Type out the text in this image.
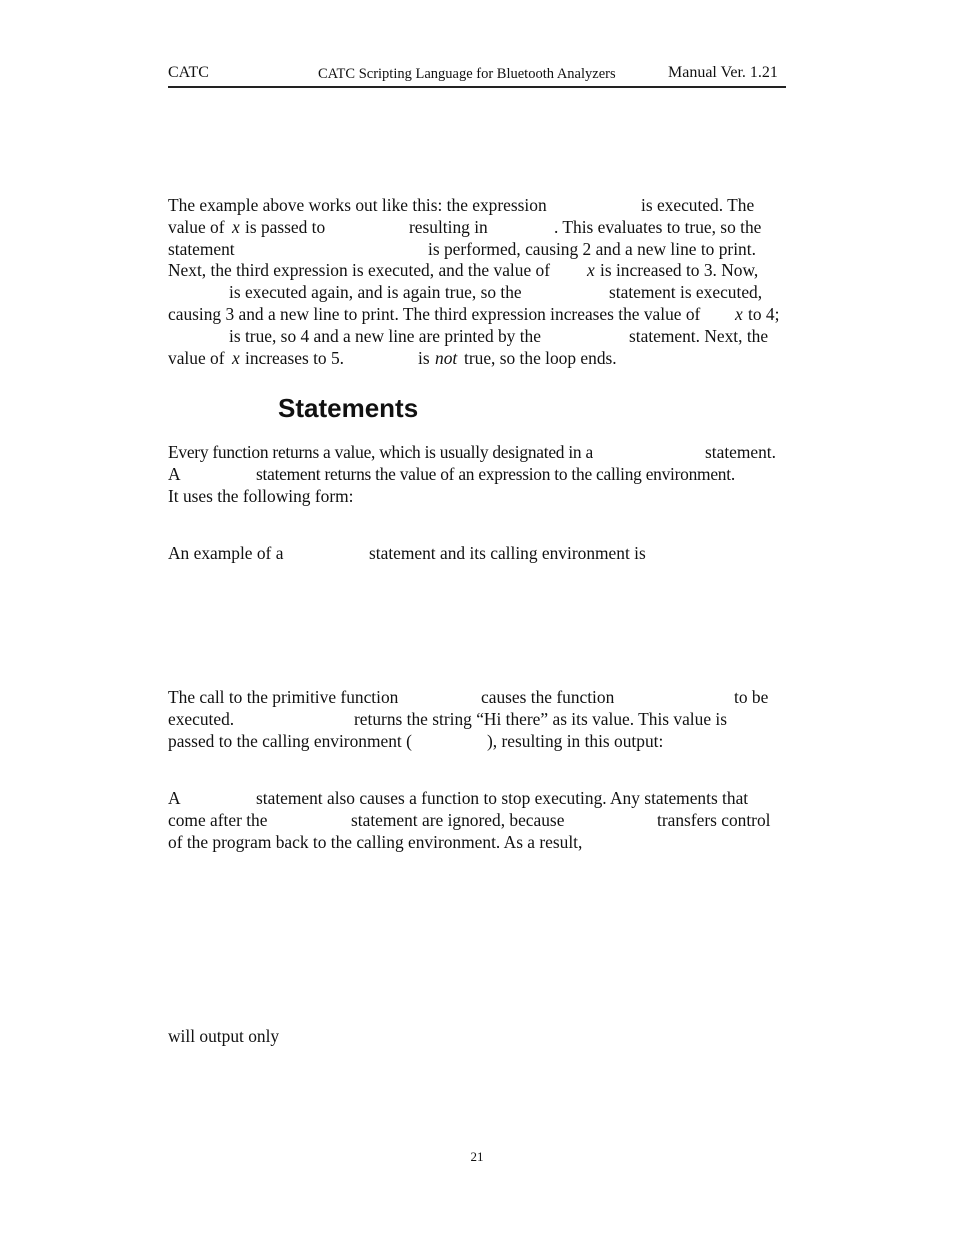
CATC	CATC Scripting Language for Bluetooth Analyzers	Manual Ver. 1.21
The example above works out like this: the expression	is executed. The
value of x is passed to	resulting in	. This evaluates to true, so the
statement	is performed, causing 2 and a new line to print.
Next, the third expression is executed, and the value of x is increased to 3. Now,
is executed again, and is again true, so the	statement is executed,
causing 3 and a new line to print. The third expression increases the value of x to 4;
is true, so 4 and a new line are printed by the	statement. Next, the
value of x increases to 5.	is not true, so the loop ends.
Statements
Every function returns a value, which is usually designated in a	statement.
A	statement returns the value of an expression to the calling environment.
It uses the following form:
An example of a	statement and its calling environment is
The call to the primitive function	causes the function	to be
executed.	returns the string “Hi there” as its value. This value is
passed to the calling environment (	), resulting in this output:
A	statement also causes a function to stop executing. Any statements that
come after the	statement are ignored, because	transfers control
of the program back to the calling environment. As a result,
will output only
21
